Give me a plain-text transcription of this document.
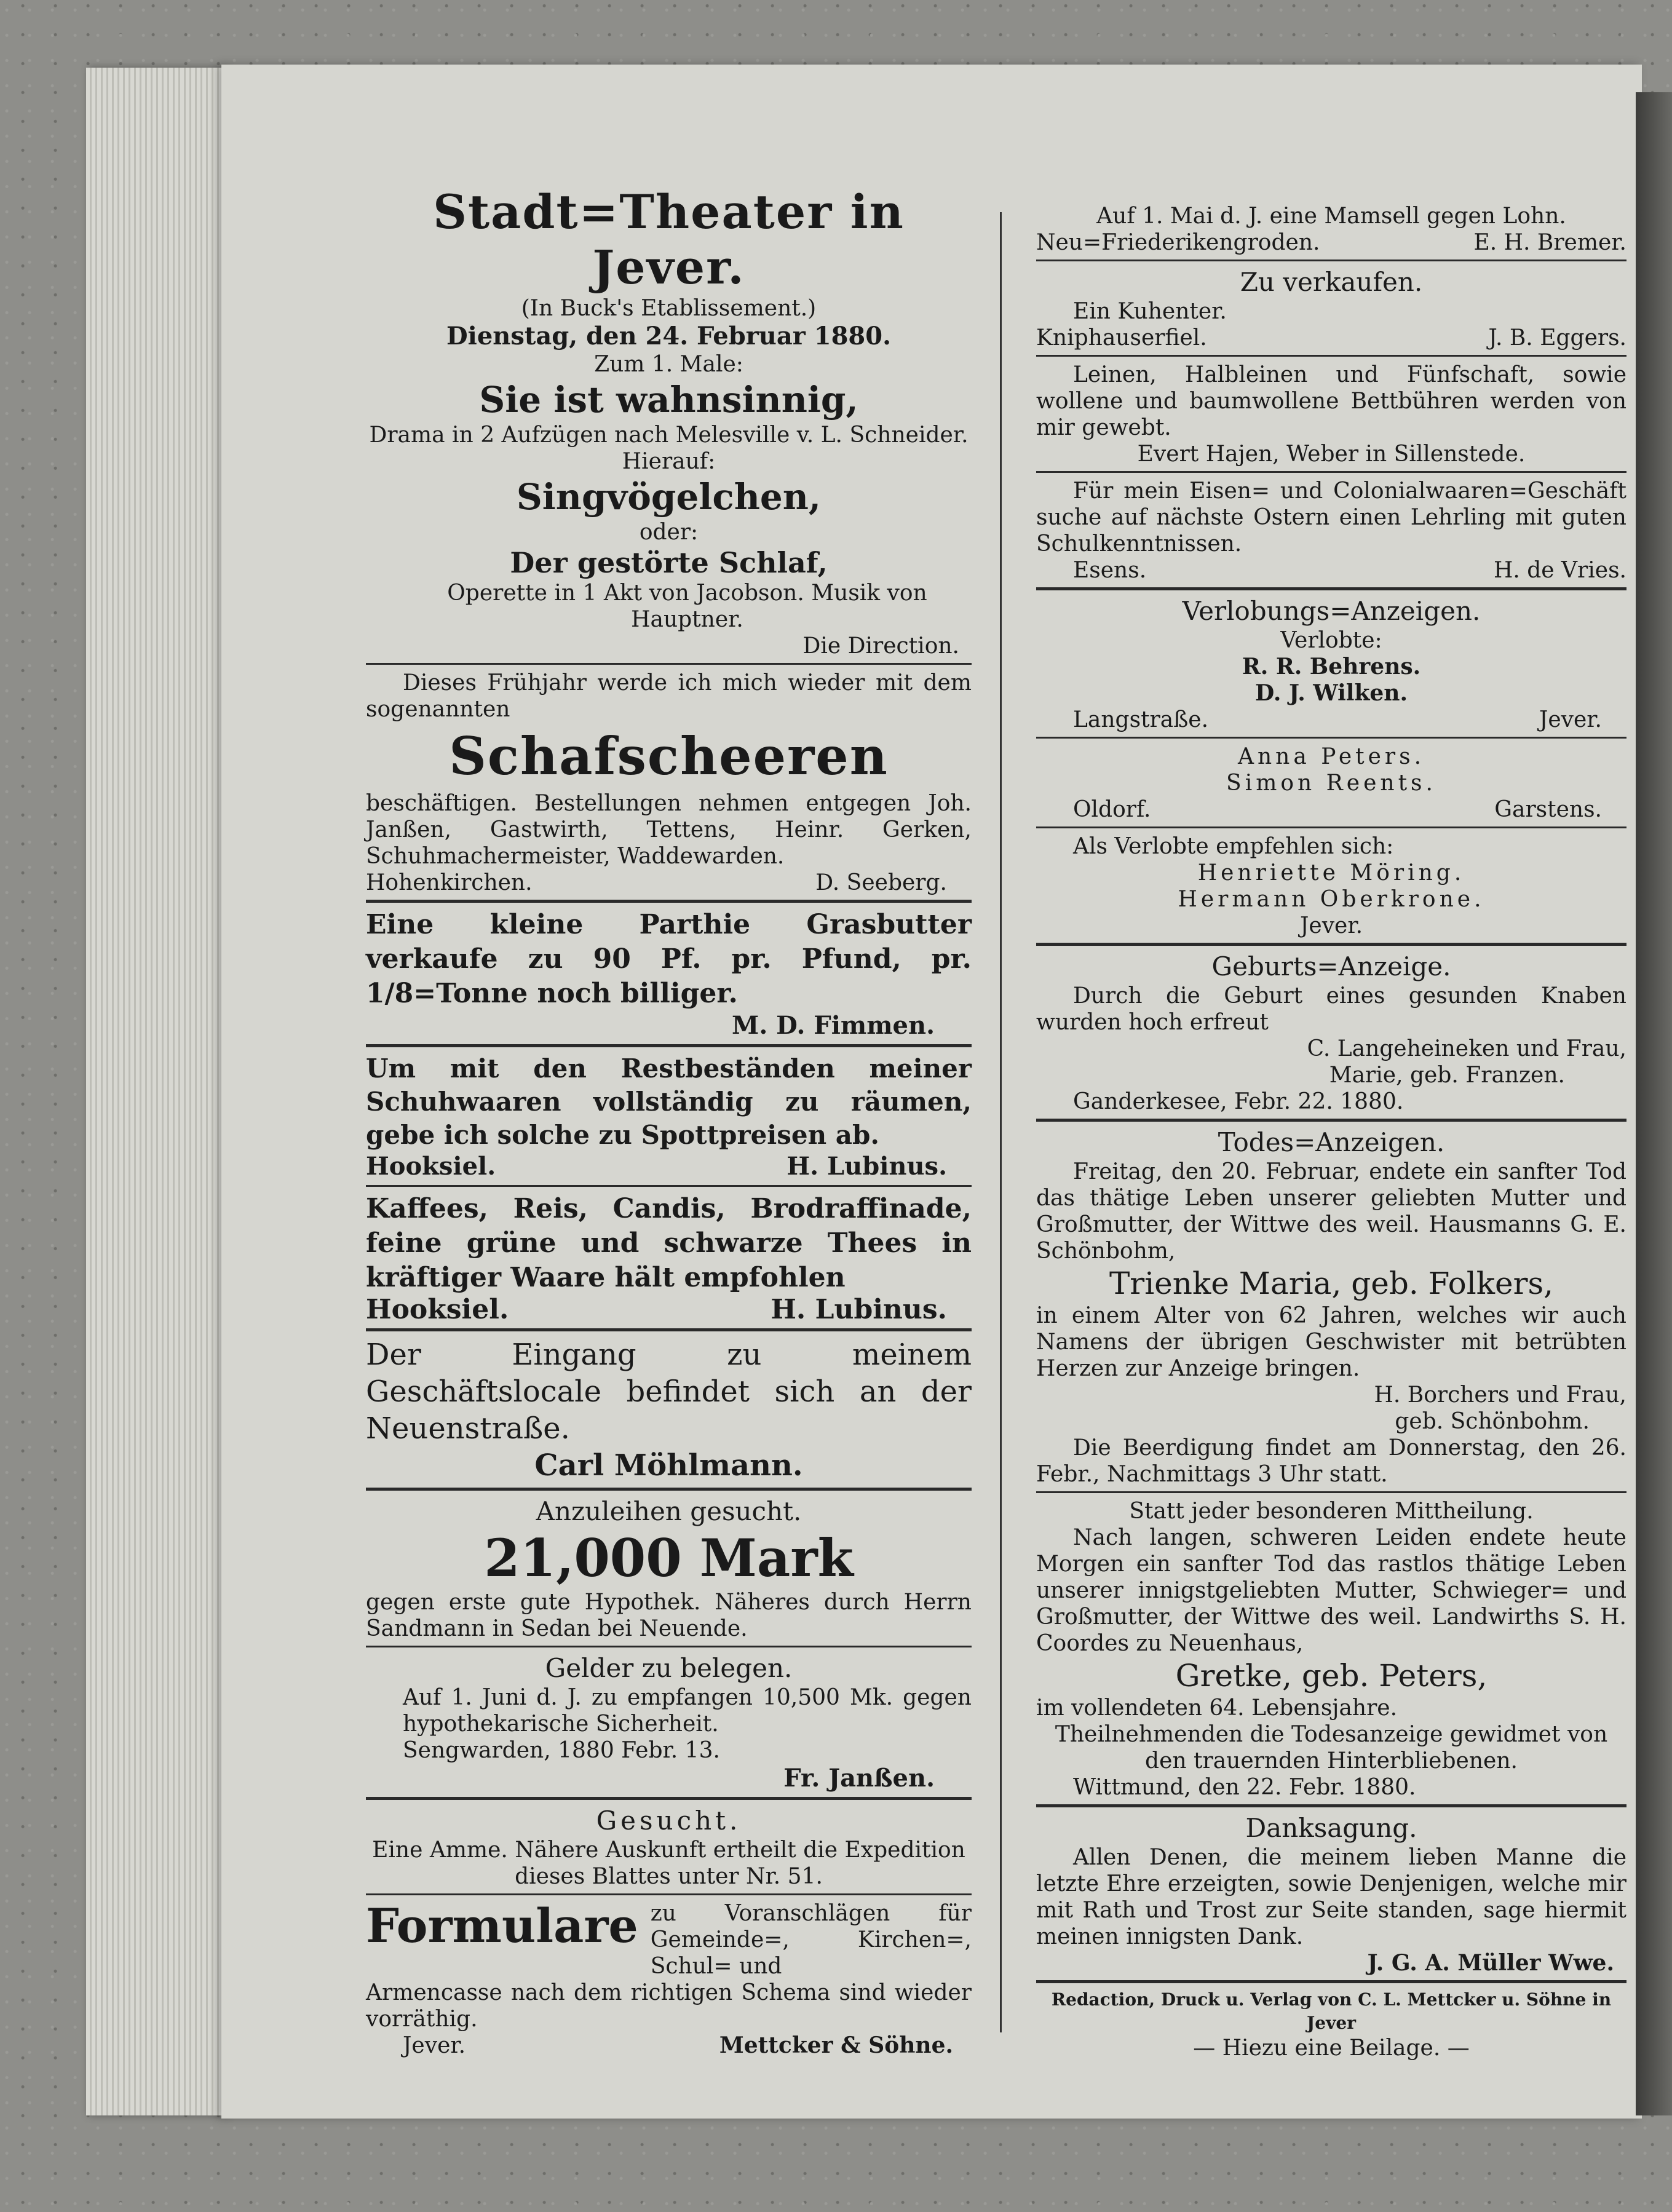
Stadt=Theater in Jever.
(In Buck's Etablissement.)
Dienstag, den 24. Februar 1880.
Zum 1. Male:
Sie ist wahnsinnig,
Drama in 2 Aufzügen nach Melesville v. L. Schneider.
Hierauf:
Singvögelchen,
oder:
Der gestörte Schlaf,
Operette in 1 Akt von Jacobson. Musik von Hauptner.
Die Direction.
Dieses Frühjahr werde ich mich wieder mit dem sogenannten
Schafscheeren
beschäftigen. Bestellungen nehmen entgegen Joh. Janßen, Gastwirth, Tettens, Heinr. Gerken, Schuhmachermeister, Waddewarden.
Hohenkirchen.	D. Seeberg.
Eine kleine Parthie Grasbutter verkaufe zu 90 Pf. pr. Pfund, pr. 1/8=Tonne noch billiger.
M. D. Fimmen.
Um mit den Restbeständen meiner Schuhwaaren vollständig zu räumen, gebe ich solche zu Spottpreisen ab.
Hooksiel.	H. Lubinus.
Kaffees, Reis, Candis, Brodraffinade, feine grüne und schwarze Thees in kräftiger Waare hält empfohlen
Hooksiel.	H. Lubinus.
Der Eingang zu meinem Geschäftslocale befindet sich an der Neuenstraße.
Carl Möhlmann.
Anzuleihen gesucht.
21,000 Mark
gegen erste gute Hypothek. Näheres durch Herrn Sandmann in Sedan bei Neuende.
Gelder zu belegen.
Auf 1. Juni d. J. zu empfangen 10,500 Mk. gegen hypothekarische Sicherheit.
Sengwarden, 1880 Febr. 13.
Fr. Janßen.
Gesucht.
Eine Amme. Nähere Auskunft ertheilt die Expedition dieses Blattes unter Nr. 51.
Formulare zu Voranschlägen für Gemeinde=, Kirchen=, Schul= und
Armencasse nach dem richtigen Schema sind wieder vorräthig.
Jever.	Mettcker & Söhne.
Auf 1. Mai d. J. eine Mamsell gegen Lohn.
Neu=Friederikengroden.	E. H. Bremer.
Zu verkaufen.
Ein Kuhenter.
Kniphauserfiel.	J. B. Eggers.
Leinen, Halbleinen und Fünfschaft, sowie wollene und baumwollene Bettbühren werden von mir gewebt.
Evert Hajen, Weber in Sillenstede.
Für mein Eisen= und Colonialwaaren=Geschäft suche auf nächste Ostern einen Lehrling mit guten Schulkenntnissen.
Esens.	H. de Vries.
Verlobungs=Anzeigen.
Verlobte:
R. R. Behrens.
D. J. Wilken.
Langstraße.	Jever.
Anna Peters.
Simon Reents.
Oldorf.	Garstens.
Als Verlobte empfehlen sich:
Henriette Möring.
Hermann Oberkrone.
Jever.
Geburts=Anzeige.
Durch die Geburt eines gesunden Knaben wurden hoch erfreut
C. Langeheineken und Frau,
Marie, geb. Franzen.
Ganderkesee, Febr. 22. 1880.
Todes=Anzeigen.
Freitag, den 20. Februar, endete ein sanfter Tod das thätige Leben unserer geliebten Mutter und Großmutter, der Wittwe des weil. Hausmanns G. E. Schönbohm,
Trienke Maria, geb. Folkers,
in einem Alter von 62 Jahren, welches wir auch Namens der übrigen Geschwister mit betrübten Herzen zur Anzeige bringen.
H. Borchers und Frau,
geb. Schönbohm.
Die Beerdigung findet am Donnerstag, den 26. Febr., Nachmittags 3 Uhr statt.
Statt jeder besonderen Mittheilung.
Nach langen, schweren Leiden endete heute Morgen ein sanfter Tod das rastlos thätige Leben unserer innigstgeliebten Mutter, Schwieger= und Großmutter, der Wittwe des weil. Landwirths S. H. Coordes zu Neuenhaus,
Gretke, geb. Peters,
im vollendeten 64. Lebensjahre.
Theilnehmenden die Todesanzeige gewidmet von den trauernden Hinterbliebenen.
Wittmund, den 22. Febr. 1880.
Danksagung.
Allen Denen, die meinem lieben Manne die letzte Ehre erzeigten, sowie Denjenigen, welche mir mit Rath und Trost zur Seite standen, sage hiermit meinen innigsten Dank.
J. G. A. Müller Wwe.
Redaction, Druck u. Verlag von C. L. Mettcker u. Söhne in Jever
— Hiezu eine Beilage. —
